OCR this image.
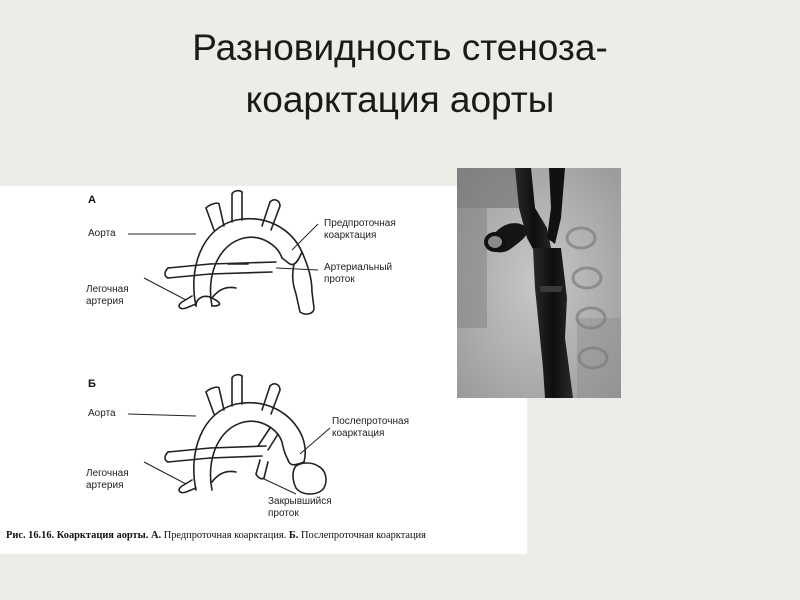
Разновидность стеноза-
коарктация аорты
А
Аорта
Легочная
артерия
Предпроточная
коарктация
Артериальный
проток
Б
Аорта
Легочная
артерия
Послепроточная
коарктация
Закрывшийся
проток
Рис. 16.16. Коарктация аорты. А. Предпроточная коарктация. Б. Послепроточная коарктация
